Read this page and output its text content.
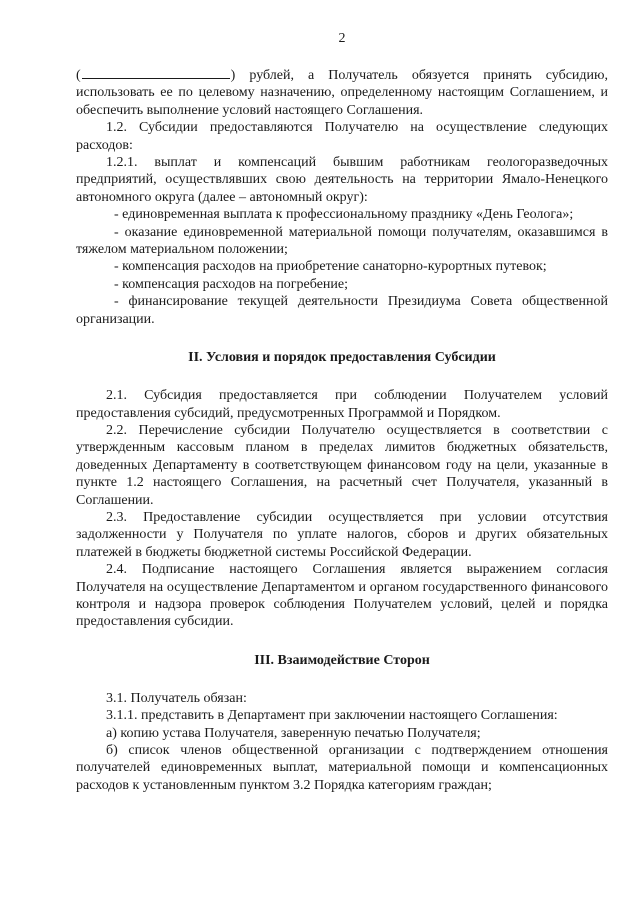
2

(	) рублей, а Получатель обязуется принять субсидию, использовать ее по целевому назначению, определенному настоящим Соглашением, и обеспечить выполнение условий настоящего Соглашения.

1.2. Субсидии предоставляются Получателю на осуществление следующих расходов:

1.2.1. выплат и компенсаций бывшим работникам геологоразведочных предприятий, осуществлявших свою деятельность на территории Ямало-Ненецкого автономного округа (далее – автономный округ):

- единовременная выплата к профессиональному празднику «День Геолога»;

- оказание единовременной материальной помощи получателям, оказавшимся в тяжелом материальном положении;

- компенсация расходов на приобретение санаторно-курортных путевок;

- компенсация расходов на погребение;

- финансирование текущей деятельности Президиума Совета общественной организации.

II. Условия и порядок предоставления Субсидии

2.1. Субсидия предоставляется при соблюдении Получателем условий предоставления субсидий, предусмотренных Программой и Порядком.

2.2. Перечисление субсидии Получателю осуществляется в соответствии с утвержденным кассовым планом в пределах лимитов бюджетных обязательств, доведенных Департаменту в соответствующем финансовом году на цели, указанные в пункте 1.2 настоящего Соглашения, на расчетный счет Получателя, указанный в Соглашении.

2.3. Предоставление субсидии осуществляется при условии отсутствия задолженности у Получателя по уплате налогов, сборов и других обязательных платежей в бюджеты бюджетной системы Российской Федерации.

2.4. Подписание настоящего Соглашения является выражением согласия Получателя на осуществление Департаментом и органом государственного финансового контроля и надзора проверок соблюдения Получателем условий, целей и порядка предоставления субсидии.

III. Взаимодействие Сторон

3.1. Получатель обязан:

3.1.1. представить в Департамент при заключении настоящего Соглашения:

а) копию устава Получателя, заверенную печатью Получателя;

б) список членов общественной организации с подтверждением отношения получателей единовременных выплат, материальной помощи и компенсационных расходов к установленным пунктом 3.2 Порядка категориям граждан;
